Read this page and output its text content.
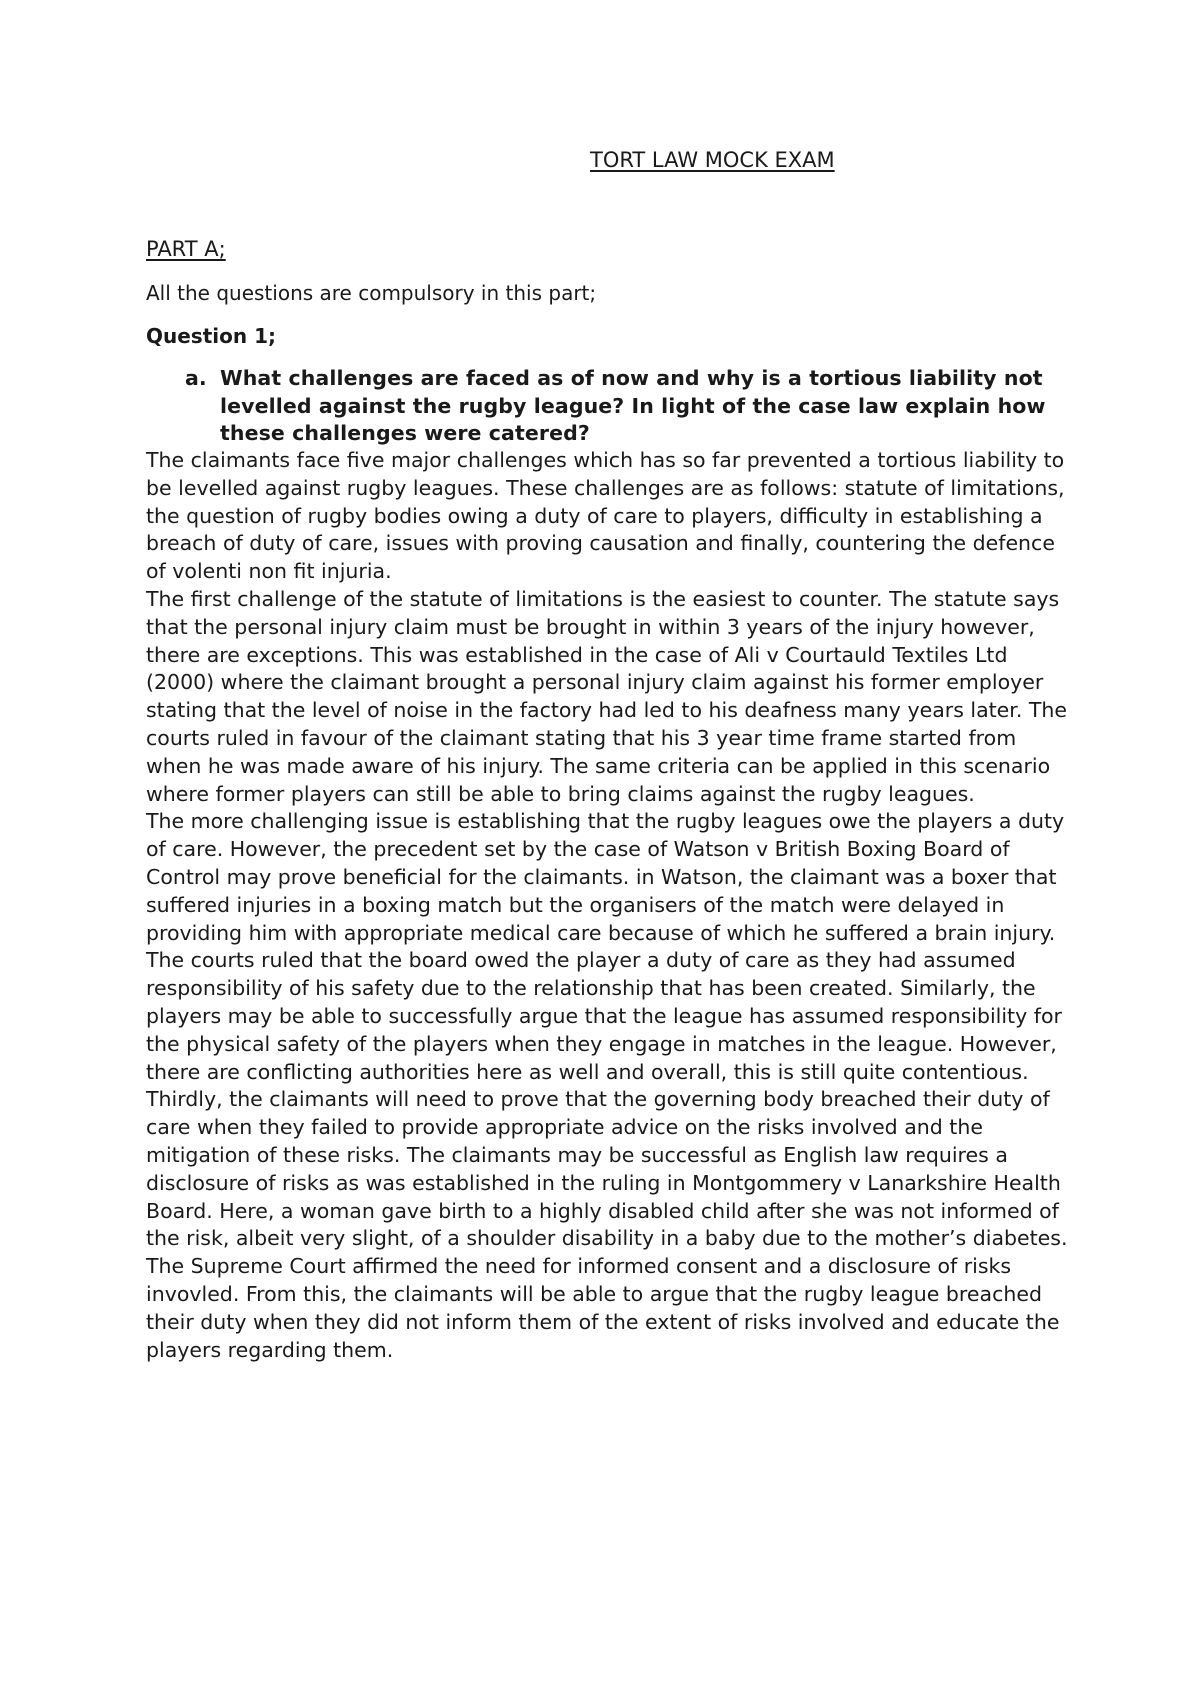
TORT LAW MOCK EXAM
PART A;

All the questions are compulsory in this part;

Question 1;
a. What challenges are faced as of now and why is a tortious liability not levelled against the rugby league? In light of the case law explain how these challenges were catered?

The claimants face five major challenges which has so far prevented a tortious liability to be levelled against rugby leagues. These challenges are as follows: statute of limitations, the question of rugby bodies owing a duty of care to players, difficulty in establishing a breach of duty of care, issues with proving causation and finally, countering the defence of volenti non fit injuria.

The first challenge of the statute of limitations is the easiest to counter. The statute says that the personal injury claim must be brought in within 3 years of the injury however, there are exceptions. This was established in the case of Ali v Courtauld Textiles Ltd (2000) where the claimant brought a personal injury claim against his former employer stating that the level of noise in the factory had led to his deafness many years later. The courts ruled in favour of the claimant stating that his 3 year time frame started from when he was made aware of his injury. The same criteria can be applied in this scenario where former players can still be able to bring claims against the rugby leagues.

The more challenging issue is establishing that the rugby leagues owe the players a duty of care. However, the precedent set by the case of Watson v British Boxing Board of Control may prove beneficial for the claimants. in Watson, the claimant was a boxer that suffered injuries in a boxing match but the organisers of the match were delayed in providing him with appropriate medical care because of which he suffered a brain injury. The courts ruled that the board owed the player a duty of care as they had assumed responsibility of his safety due to the relationship that has been created. Similarly, the players may be able to successfully argue that the league has assumed responsibility for the physical safety of the players when they engage in matches in the league. However, there are conflicting authorities here as well and overall, this is still quite contentious.

Thirdly, the claimants will need to prove that the governing body breached their duty of care when they failed to provide appropriate advice on the risks involved and the mitigation of these risks. The claimants may be successful as English law requires a disclosure of risks as was established in the ruling in Montgommery v Lanarkshire Health Board. Here, a woman gave birth to a highly disabled child after she was not informed of the risk, albeit very slight, of a shoulder disability in a baby due to the mother’s diabetes. The Supreme Court affirmed the need for informed consent and a disclosure of risks invovled. From this, the claimants will be able to argue that the rugby league breached their duty when they did not inform them of the extent of risks involved and educate the players regarding them.
